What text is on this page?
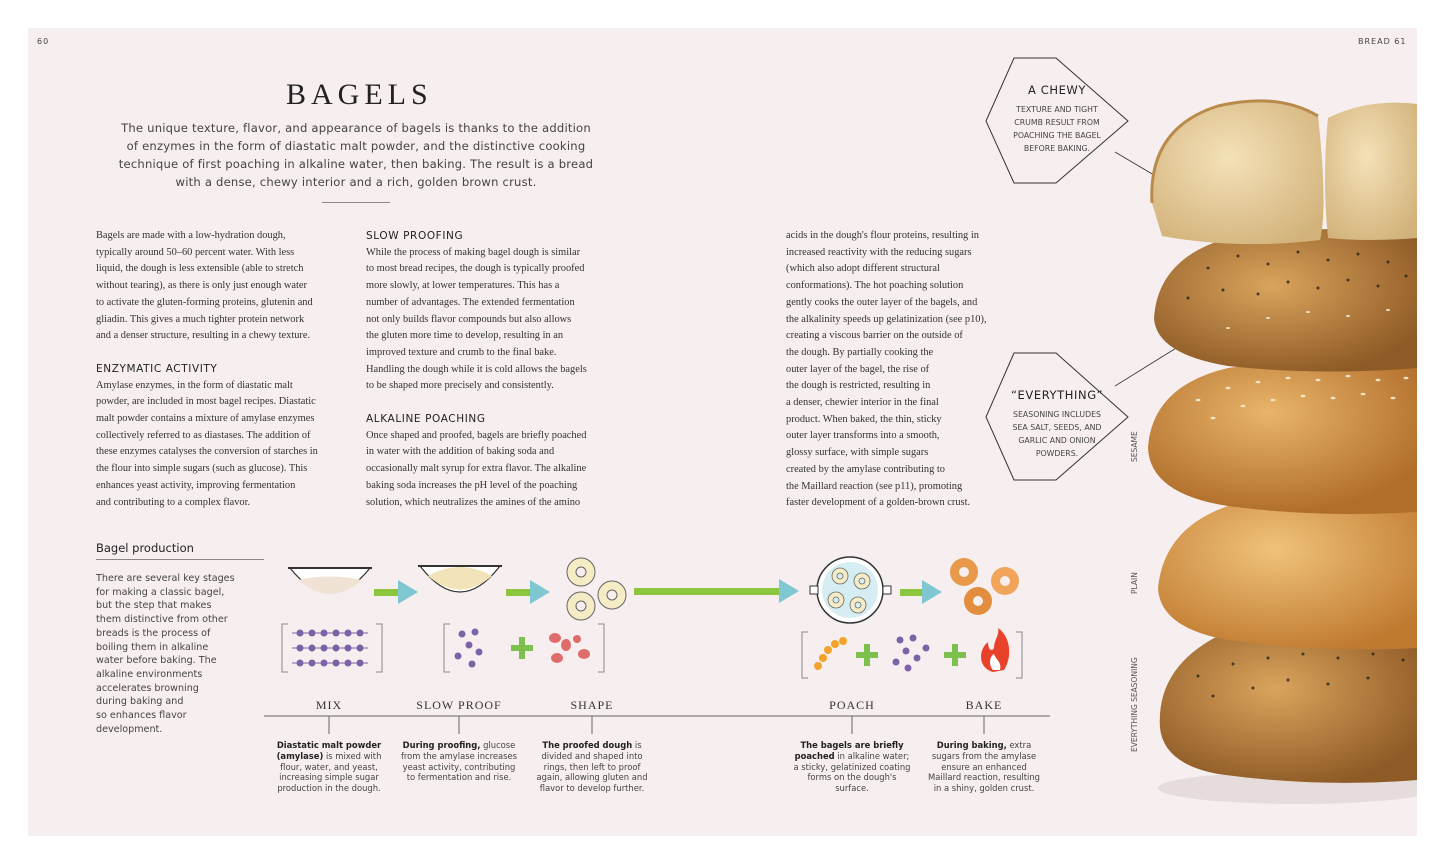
60	BREAD 61
BAGELS
The unique texture, flavor, and appearance of bagels is thanks to the addition
of enzymes in the form of diastatic malt powder, and the distinctive cooking
technique of first poaching in alkaline water, then baking. The result is a bread
with a dense, chewy interior and a rich, golden brown crust.

Bagels are made with a low-hydration dough,

typically around 50–60 percent water. With less

liquid, the dough is less extensible (able to stretch

without tearing), as there is only just enough water

to activate the gluten-forming proteins, glutenin and

gliadin. This gives a much tighter protein network

and a denser structure, resulting in a chewy texture.

ENZYMATIC ACTIVITY

Amylase enzymes, in the form of diastatic malt

powder, are included in most bagel recipes. Diastatic

malt powder contains a mixture of amylase enzymes

collectively referred to as diastases. The addition of

these enzymes catalyses the conversion of starches in

the flour into simple sugars (such as glucose). This

enhances yeast activity, improving fermentation

and contributing to a complex flavor.

SLOW PROOFING

While the process of making bagel dough is similar

to most bread recipes, the dough is typically proofed

more slowly, at lower temperatures. This has a

number of advantages. The extended fermentation

not only builds flavor compounds but also allows

the gluten more time to develop, resulting in an

improved texture and crumb to the final bake.

Handling the dough while it is cold allows the bagels

to be shaped more precisely and consistently.

ALKALINE POACHING

Once shaped and proofed, bagels are briefly poached

in water with the addition of baking soda and

occasionally malt syrup for extra flavor. The alkaline

baking soda increases the pH level of the poaching

solution, which neutralizes the amines of the amino

acids in the dough's flour proteins, resulting in

increased reactivity with the reducing sugars

(which also adopt different structural

conformations). The hot poaching solution

gently cooks the outer layer of the bagels, and

the alkalinity speeds up gelatinization (see p10),

creating a viscous barrier on the outside of

the dough. By partially cooking the

outer layer of the bagel, the rise of

the dough is restricted, resulting in

a denser, chewier interior in the final

product. When baked, the thin, sticky

outer layer transforms into a smooth,

glossy surface, with simple sugars

created by the amylase contributing to

the Maillard reaction (see p11), promoting

faster development of a golden-brown crust.

Bagel production
There are several key stages
for making a classic bagel,
but the step that makes
them distinctive from other
breads is the process of
boiling them in alkaline
water before baking. The
alkaline environments
accelerates browning
during baking and
so enhances flavor
development.
A CHEWY
TEXTURE AND TIGHT
CRUMB RESULT FROM
POACHING THE BAGEL
BEFORE BAKING.
“EVERYTHING”
SEASONING INCLUDES
SEA SALT, SEEDS, AND
GARLIC AND ONION
POWDERS.	SESAME
PLAIN
EVERYTHING SEASONING
MIX	SLOW PROOF	SHAPE	POACH	BAKE
Diastatic malt powder (amylase) is mixed with flour, water, and yeast, increasing simple sugar production in the dough.
During proofing, glucose from the amylase increases yeast activity, contributing to fermentation and rise.
The proofed dough is divided and shaped into rings, then left to proof again, allowing gluten and flavor to develop further.
The bagels are briefly poached in alkaline water; a sticky, gelatinized coating forms on the dough's surface.
During baking, extra sugars from the amylase ensure an enhanced Maillard reaction, resulting in a shiny, golden crust.
